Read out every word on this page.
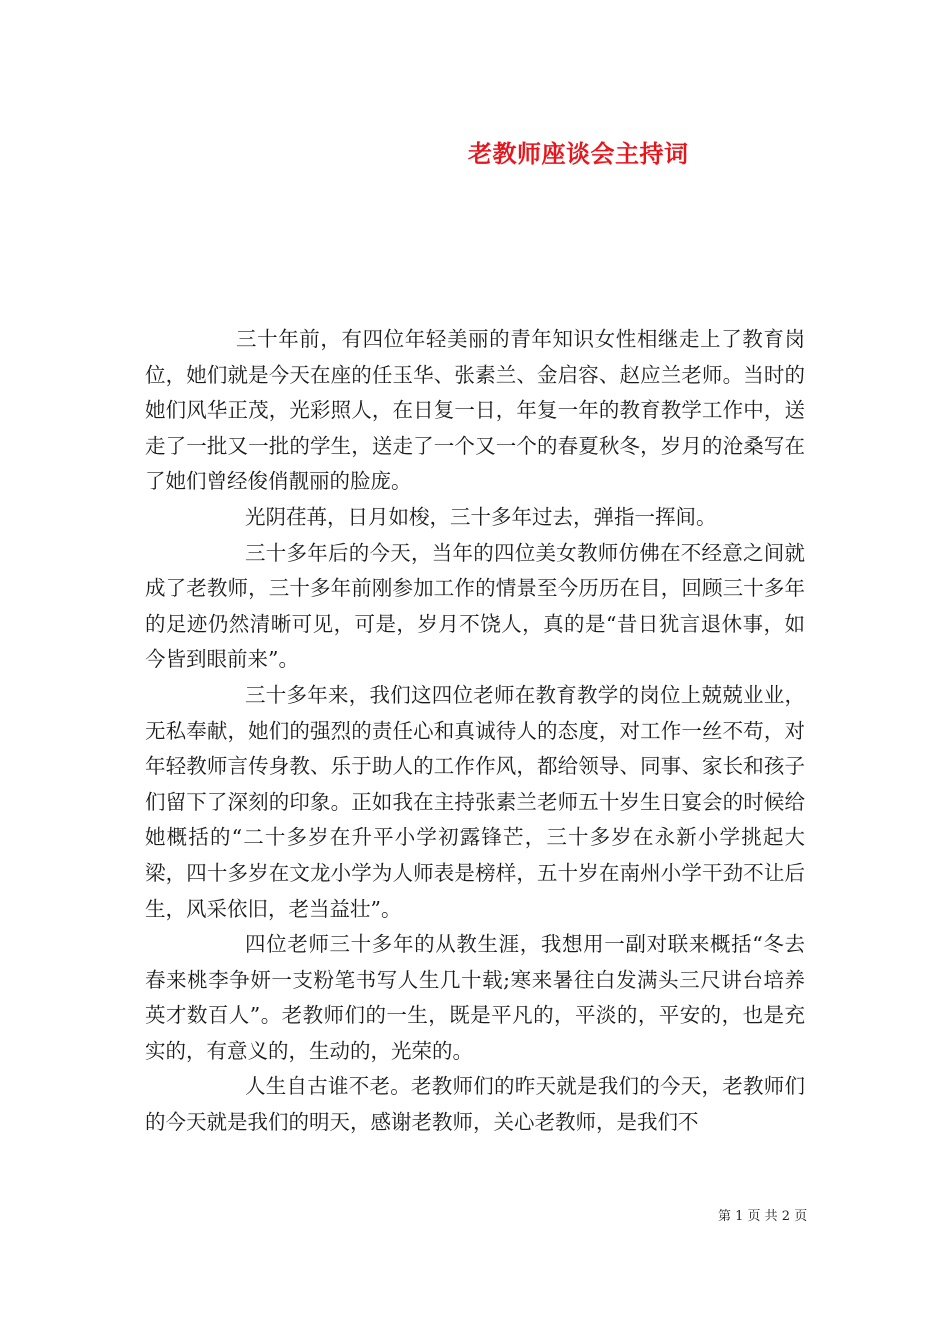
老教师座谈会主持词

三十年前，有四位年轻美丽的青年知识女性相继走上了教育岗位，她们就是今天在座的任玉华、张素兰、金启容、赵应兰老师。当时的她们风华正茂，光彩照人，在日复一日，年复一年的教育教学工作中，送走了一批又一批的学生，送走了一个又一个的春夏秋冬，岁月的沧桑写在了她们曾经俊俏靓丽的脸庞。

光阴荏苒，日月如梭，三十多年过去，弹指一挥间。

三十多年后的今天，当年的四位美女教师仿佛在不经意之间就成了老教师，三十多年前刚参加工作的情景至今历历在目，回顾三十多年的足迹仍然清晰可见，可是，岁月不饶人，真的是“昔日犹言退休事，如今皆到眼前来”。

三十多年来，我们这四位老师在教育教学的岗位上兢兢业业，无私奉献，她们的强烈的责任心和真诚待人的态度，对工作一丝不苟，对年轻教师言传身教、乐于助人的工作作风，都给领导、同事、家长和孩子们留下了深刻的印象。正如我在主持张素兰老师五十岁生日宴会的时候给她概括的“二十多岁在升平小学初露锋芒，三十多岁在永新小学挑起大梁，四十多岁在文龙小学为人师表是榜样，五十岁在南州小学干劲不让后生，风采依旧，老当益壮”。

四位老师三十多年的从教生涯，我想用一副对联来概括“冬去春来桃李争妍一支粉笔书写人生几十载;寒来暑往白发满头三尺讲台培养英才数百人”。老教师们的一生，既是平凡的，平淡的，平安的，也是充实的，有意义的，生动的，光荣的。

人生自古谁不老。老教师们的昨天就是我们的今天，老教师们的今天就是我们的明天，感谢老教师，关心老教师，是我们不

第 1 页 共 2 页
